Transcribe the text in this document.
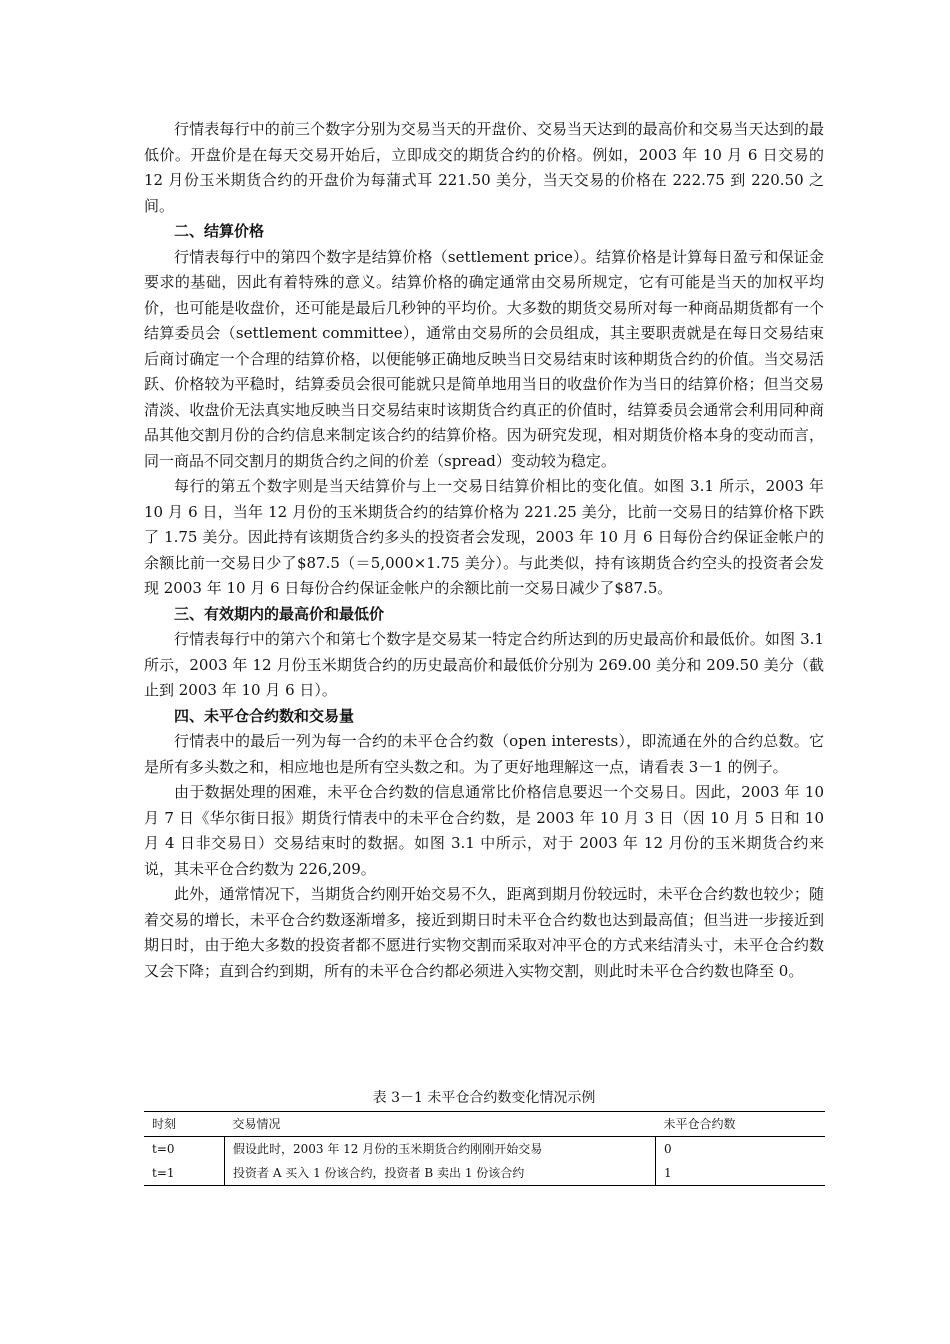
行情表每行中的前三个数字分别为交易当天的开盘价、交易当天达到的最高价和交易当天达到的最低价。开盘价是在每天交易开始后，立即成交的期货合约的价格。例如，2003 年 10 月 6 日交易的 12 月份玉米期货合约的开盘价为每蒲式耳 221.50 美分，当天交易的价格在 222.75 到 220.50 之间。

二、结算价格

行情表每行中的第四个数字是结算价格（settlement price）。结算价格是计算每日盈亏和保证金要求的基础，因此有着特殊的意义。结算价格的确定通常由交易所规定，它有可能是当天的加权平均价，也可能是收盘价，还可能是最后几秒钟的平均价。大多数的期货交易所对每一种商品期货都有一个结算委员会（settlement committee），通常由交易所的会员组成，其主要职责就是在每日交易结束后商讨确定一个合理的结算价格，以便能够正确地反映当日交易结束时该种期货合约的价值。当交易活跃、价格较为平稳时，结算委员会很可能就只是简单地用当日的收盘价作为当日的结算价格；但当交易清淡、收盘价无法真实地反映当日交易结束时该期货合约真正的价值时，结算委员会通常会利用同种商品其他交割月份的合约信息来制定该合约的结算价格。因为研究发现，相对期货价格本身的变动而言，同一商品不同交割月的期货合约之间的价差（spread）变动较为稳定。

每行的第五个数字则是当天结算价与上一交易日结算价相比的变化值。如图 3.1 所示，2003 年 10 月 6 日，当年 12 月份的玉米期货合约的结算价格为 221.25 美分，比前一交易日的结算价格下跌了 1.75 美分。因此持有该期货合约多头的投资者会发现，2003 年 10 月 6 日每份合约保证金帐户的余额比前一交易日少了$87.5（＝5,000×1.75 美分）。与此类似，持有该期货合约空头的投资者会发现 2003 年 10 月 6 日每份合约保证金帐户的余额比前一交易日减少了$87.5。

三、有效期内的最高价和最低价

行情表每行中的第六个和第七个数字是交易某一特定合约所达到的历史最高价和最低价。如图 3.1 所示，2003 年 12 月份玉米期货合约的历史最高价和最低价分别为 269.00 美分和 209.50 美分（截止到 2003 年 10 月 6 日）。

四、未平仓合约数和交易量

行情表中的最后一列为每一合约的未平仓合约数（open interests），即流通在外的合约总数。它是所有多头数之和，相应地也是所有空头数之和。为了更好地理解这一点，请看表 3－1 的例子。

由于数据处理的困难，未平仓合约数的信息通常比价格信息要迟一个交易日。因此，2003 年 10 月 7 日《华尔街日报》期货行情表中的未平仓合约数，是 2003 年 10 月 3 日（因 10 月 5 日和 10 月 4 日非交易日）交易结束时的数据。如图 3.1 中所示，对于 2003 年 12 月份的玉米期货合约来说，其未平仓合约数为 226,209。

此外，通常情况下，当期货合约刚开始交易不久，距离到期月份较远时，未平仓合约数也较少；随着交易的增长，未平仓合约数逐渐增多，接近到期日时未平仓合约数也达到最高值；但当进一步接近到期日时，由于绝大多数的投资者都不愿进行实物交割而采取对冲平仓的方式来结清头寸，未平仓合约数又会下降；直到合约到期，所有的未平仓合约都必须进入实物交割，则此时未平仓合约数也降至 0。

表 3－1 未平仓合约数变化情况示例
时刻	交易情况	未平仓合约数
t=0	假设此时，2003 年 12 月份的玉米期货合约刚刚开始交易	0
t=1	投资者 A 买入 1 份该合约，投资者 B 卖出 1 份该合约	1
